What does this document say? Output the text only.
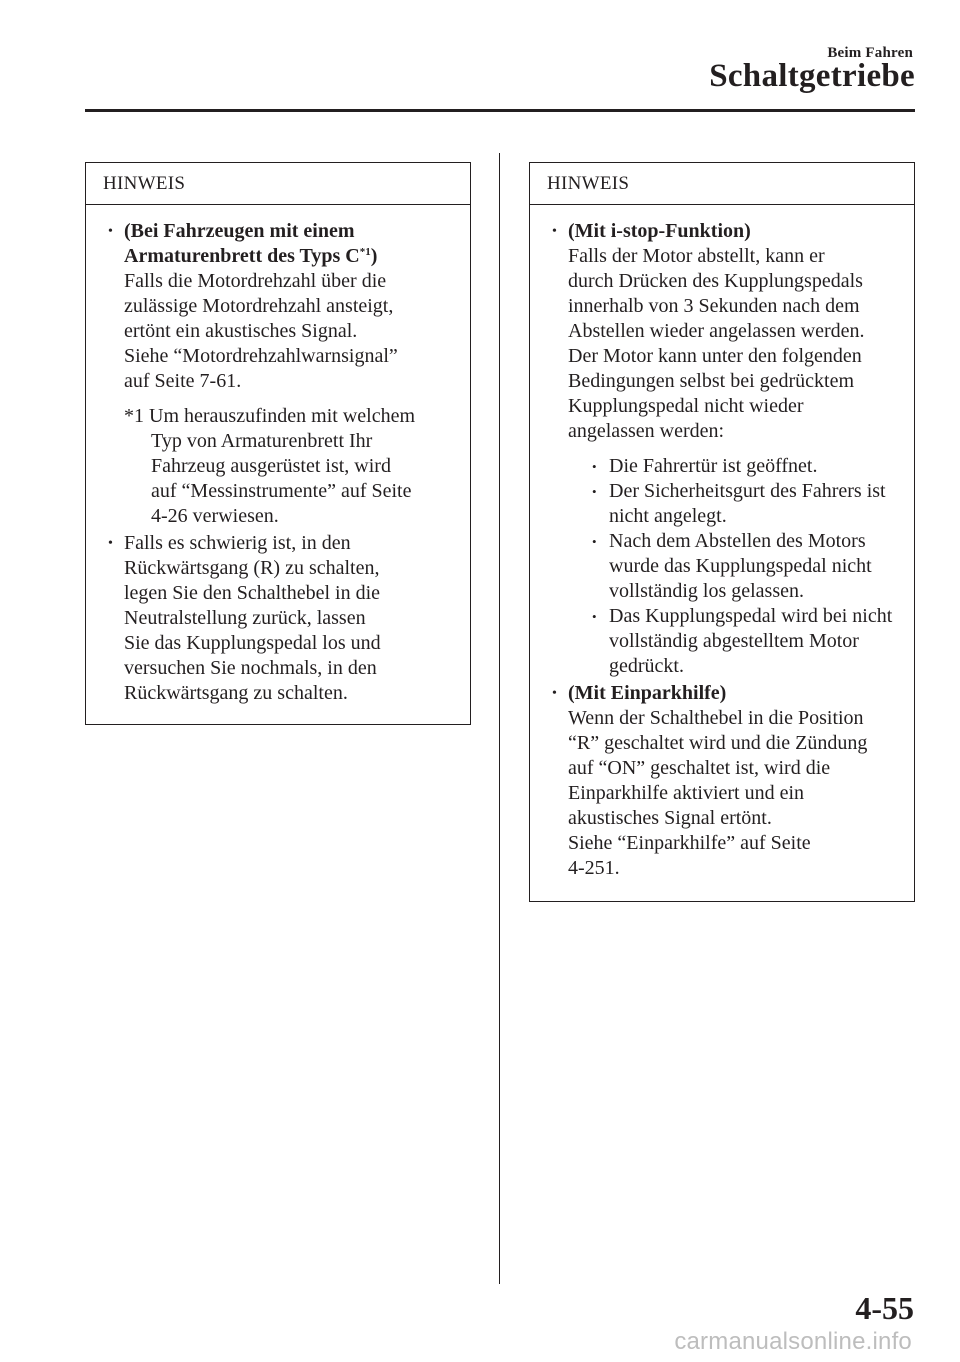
Beim Fahren
Schaltgetriebe
HINWEIS
• (Bei Fahrzeugen mit einem
Armaturenbrett des Typs $C^{*1}$)
Falls die Motordrehzahl über die
zulässige Motordrehzahl ansteigt,
ertönt ein akustisches Signal.
Siehe “Motordrehzahlwarnsignal”
auf Seite 7-61.
*1 Um herauszufinden mit welchem
Typ von Armaturenbrett Ihr
Fahrzeug ausgerüstet ist, wird
auf “Messinstrumente” auf Seite
4-26 verwiesen.
• Falls es schwierig ist, in den
Rückwärtsgang (R) zu schalten,
legen Sie den Schalthebel in die
Neutralstellung zurück, lassen
Sie das Kupplungspedal los und
versuchen Sie nochmals, in den
Rückwärtsgang zu schalten.
HINWEIS
• (Mit i-stop-Funktion)
Falls der Motor abstellt, kann er
durch Drücken des Kupplungspedals
innerhalb von 3 Sekunden nach dem
Abstellen wieder angelassen werden.
Der Motor kann unter den folgenden
Bedingungen selbst bei gedrücktem
Kupplungspedal nicht wieder
angelassen werden:
• Die Fahrertür ist geöffnet.
• Der Sicherheitsgurt des Fahrers ist
nicht angelegt.
• Nach dem Abstellen des Motors
wurde das Kupplungspedal nicht
vollständig los gelassen.
• Das Kupplungspedal wird bei nicht
vollständig abgestelltem Motor
gedrückt.
• (Mit Einparkhilfe)
Wenn der Schalthebel in die Position
“R” geschaltet wird und die Zündung
auf “ON” geschaltet ist, wird die
Einparkhilfe aktiviert und ein
akustisches Signal ertönt.
Siehe “Einparkhilfe” auf Seite
4-251.
4-55
carmanualsonline.info
